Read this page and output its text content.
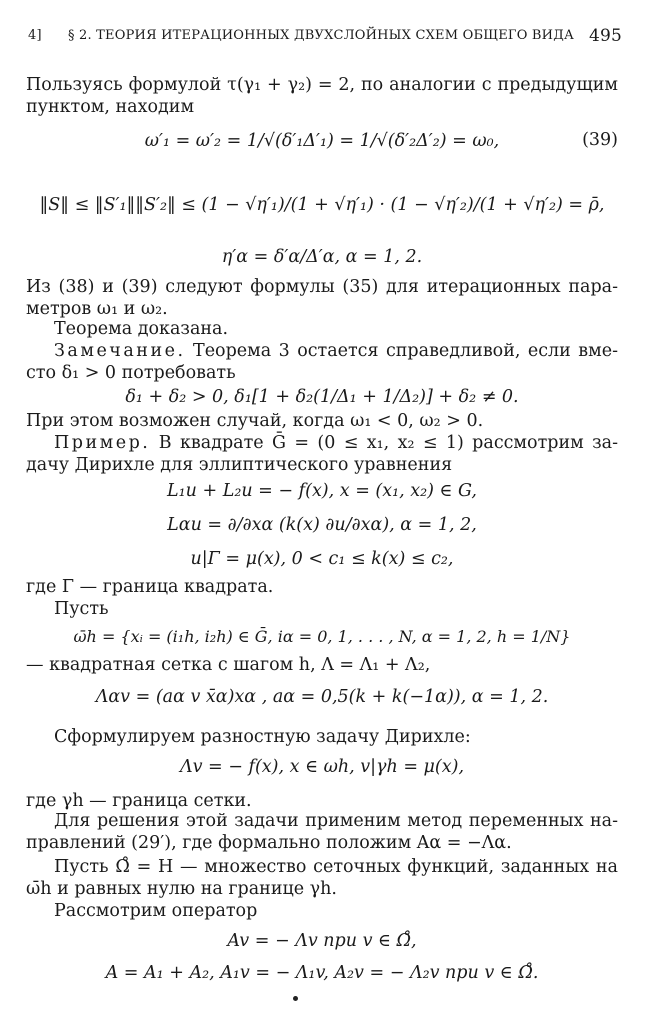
4] § 2. ТЕОРИЯ ИТЕРАЦИОННЫХ ДВУХСЛОЙНЫХ СХЕМ ОБЩЕГО ВИДА 495
Пользуясь формулой τ(γ₁ + γ₂) = 2, по аналогии с предыдущим
пунктом, находим
ω′₁ = ω′₂ = 1/√(δ′₁Δ′₁) = 1/√(δ′₂Δ′₂) = ω₀,	(39)
‖S‖ ≤ ‖S′₁‖‖S′₂‖ ≤ (1 − √η′₁)/(1 + √η′₁) · (1 − √η′₂)/(1 + √η′₂) = ρ̄,
η′α = δ′α/Δ′α, α = 1, 2.
Из (38) и (39) следуют формулы (35) для итерационных пара-
метров ω₁ и ω₂.
Теорема доказана.
Замечание. Теорема 3 остается справедливой, если вме-
сто δ₁ > 0 потребовать
δ₁ + δ₂ > 0, δ₁[1 + δ₂(1/Δ₁ + 1/Δ₂)] + δ₂ ≠ 0.
При этом возможен случай, когда ω₁ < 0, ω₂ > 0.
Пример. В квадрате Ḡ = (0 ≤ x₁, x₂ ≤ 1) рассмотрим за-
дачу Дирихле для эллиптического уравнения
L₁u + L₂u = − f(x), x = (x₁, x₂) ∈ G,
Lαu = ∂/∂xα (k(x) ∂u/∂xα), α = 1, 2,
u|Γ = μ(x), 0 < c₁ ≤ k(x) ≤ c₂,
где Γ — граница квадрата.
Пусть
ω̄h = {xᵢ = (i₁h, i₂h) ∈ Ḡ, iα = 0, 1, . . . , N, α = 1, 2, h = 1/N}
— квадратная сетка с шагом h, Λ = Λ₁ + Λ₂,
Λαv = (aα v x̄α)xα , aα = 0,5(k + k(−1α)), α = 1, 2.
Сформулируем разностную задачу Дирихле:
Λv = − f(x), x ∈ ωh, v|γh = μ(x),
где γh — граница сетки.
Для решения этой задачи применим метод переменных на-
правлений (29′), где формально положим Aα = −Λα.
Пусть Ω̊ = H — множество сеточных функций, заданных на
ω̄h и равных нулю на границе γh.
Рассмотрим оператор
Av = − Λv при v ∈ Ω̊,
A = A₁ + A₂, A₁v = − Λ₁v, A₂v = − Λ₂v при v ∈ Ω̊.
